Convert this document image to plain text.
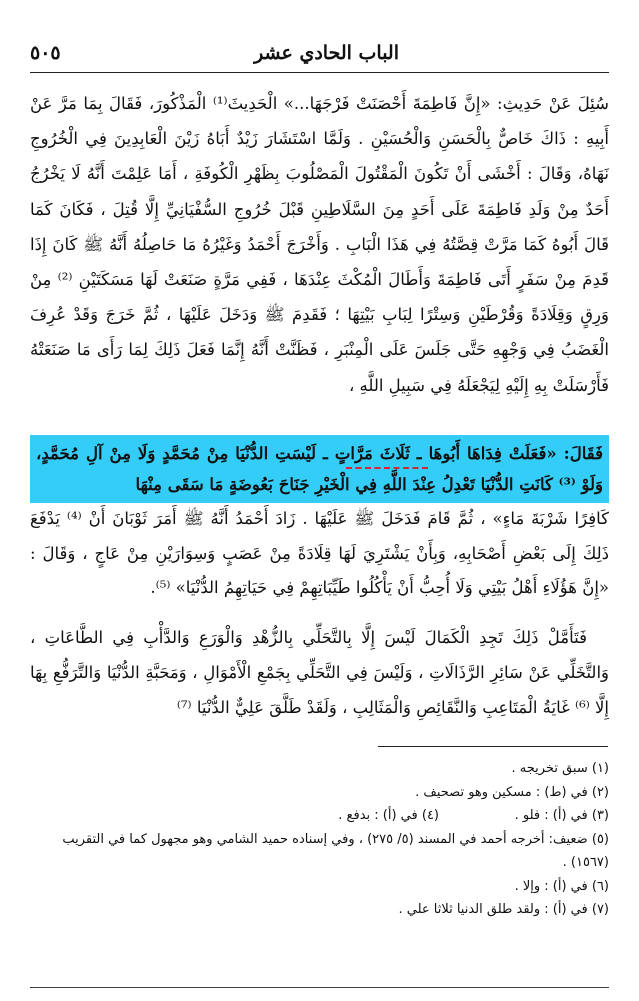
الباب الحادي عشر
٥٠٥

سُئِلَ عَنْ حَدِيثِ: «إِنَّ فَاطِمَةَ أَحْصَنَتْ فَرْجَهَا...» الْحَدِيثَ⁽¹⁾ الْمَذْكُورَ، فَقَالَ بِمَا مَرَّ عَنْ أَبِيهِ : ذَاكَ خَاصٌّ بِالْحَسَنِ وَالْحُسَيْنِ . وَلَمَّا اسْتَشَارَ زَيْدٌ أَبَاهُ زَيْنَ الْعَابِدِينَ فِي الْخُرُوجِ نَهَاهُ، وَقَالَ : أَخْشَى أَنْ تَكُونَ الْمَقْتُولَ الْمَصْلُوبَ بِظَهْرِ الْكُوفَةِ ، أَمَا عَلِمْتَ أَنَّهُ لَا يَخْرُجُ أَحَدٌ مِنْ وَلَدِ فَاطِمَةَ عَلَى أَحَدٍ مِنَ السَّلَاطِينِ قَبْلَ خُرُوجِ السُّفْيَانِيِّ إِلَّا قُتِلَ ، فَكَانَ كَمَا قَالَ أَبُوهُ كَمَا مَرَّتْ قِصَّتُهُ فِي هَذَا الْبَابِ . وَأَخْرَجَ أَحْمَدُ وَغَيْرُهُ مَا حَاصِلُهُ أَنَّهُ ﷺ كَانَ إِذَا قَدِمَ مِنْ سَفَرٍ أَتَى فَاطِمَةَ وَأَطَالَ الْمُكْثَ عِنْدَهَا ، فَفِي مَرَّةٍ صَنَعَتْ لَهَا مَسَكَتَيْنِ ⁽²⁾ مِنْ وَرِقٍ وَقِلَادَةً وَقُرْطَيْنِ وَسِتْرًا لِبَابِ بَيْتِهَا ؛ فَقَدِمَ ﷺ وَدَخَلَ عَلَيْهَا ، ثُمَّ خَرَجَ وَقَدْ عُرِفَ الْغَضَبُ فِي وَجْهِهِ حَتَّى جَلَسَ عَلَى الْمِنْبَرِ ، فَظَنَّتْ أَنَّهُ إِنَّمَا فَعَلَ ذَلِكَ لِمَا رَأَى مَا صَنَعَتْهُ فَأَرْسَلَتْ بِهِ إِلَيْهِ لِيَجْعَلَهُ فِي سَبِيلِ اللَّهِ ،

فَقَالَ: «فَعَلَتْ فِدَاهَا أَبُوهَا ـ ثَلَاثَ مَرَّاتٍ ـ لَيْسَتِ الدُّنْيَا مِنْ مُحَمَّدٍ وَلَا مِنْ آلِ مُحَمَّدٍ، وَلَوْ ⁽³⁾ كَانَتِ الدُّنْيَا تَعْدِلُ عِنْدَ اللَّهِ فِي الْخَيْرِ جَنَاحَ بَعُوضَةٍ مَا سَقَى مِنْهَا

كَافِرًا شَرْبَةَ مَاءٍ» ، ثُمَّ قَامَ فَدَخَلَ ﷺ عَلَيْهَا . زَادَ أَحْمَدُ أَنَّهُ ﷺ أَمَرَ ثَوْبَانَ أَنْ ⁽⁴⁾ يَدْفَعَ ذَلِكَ إِلَى بَعْضِ أَصْحَابِهِ، وَبِأَنْ يَشْتَرِيَ لَهَا قِلَادَةً مِنْ عَصَبٍ وَسِوَارَيْنِ مِنْ عَاجٍ ، وَقَالَ : «إِنَّ هَؤُلَاءِ أَهْلُ بَيْتِي وَلَا أُحِبُّ أَنْ يَأْكُلُوا طَيِّبَاتِهِمْ فِي حَيَاتِهِمُ الدُّنْيَا» ⁽⁵⁾.

فَتَأَمَّلْ ذَلِكَ تَجِدِ الْكَمَالَ لَيْسَ إِلَّا بِالتَّحَلِّي بِالزُّهْدِ وَالْوَرَعِ وَالدَّأْبِ فِي الطَّاعَاتِ ، وَالتَّخَلِّي عَنْ سَائِرِ الرَّذَالَاتِ ، وَلَيْسَ فِي التَّحَلِّي بِجَمْعِ الْأَمْوَالِ ، وَمَحَبَّةِ الدُّنْيَا وَالتَّرَفُّعِ بِهَا إِلَّا ⁽⁶⁾ غَايَةُ الْمَتَاعِبِ وَالنَّقَائِصِ وَالْمَثَالِبِ ، وَلَقَدْ طَلَّقَ عَلِيٌّ الدُّنْيَا ⁽⁷⁾

(١) سبق تخريجه .

(٢) في (ط) : مسكين وهو تصحيف .

(٣) في (أ) : فلو .(٤) في (أ) : بدفع .

(٥) ضعيف: أخرجه أحمد في المسند (٥/ ٢٧٥) ، وفي إسناده حميد الشامي وهو مجهول كما في التقريب

(١٥٦٧) .

(٦) في (أ) : وإلا .

(٧) في (أ) : ولقد طلق الدنيا ثلاثا علي .
